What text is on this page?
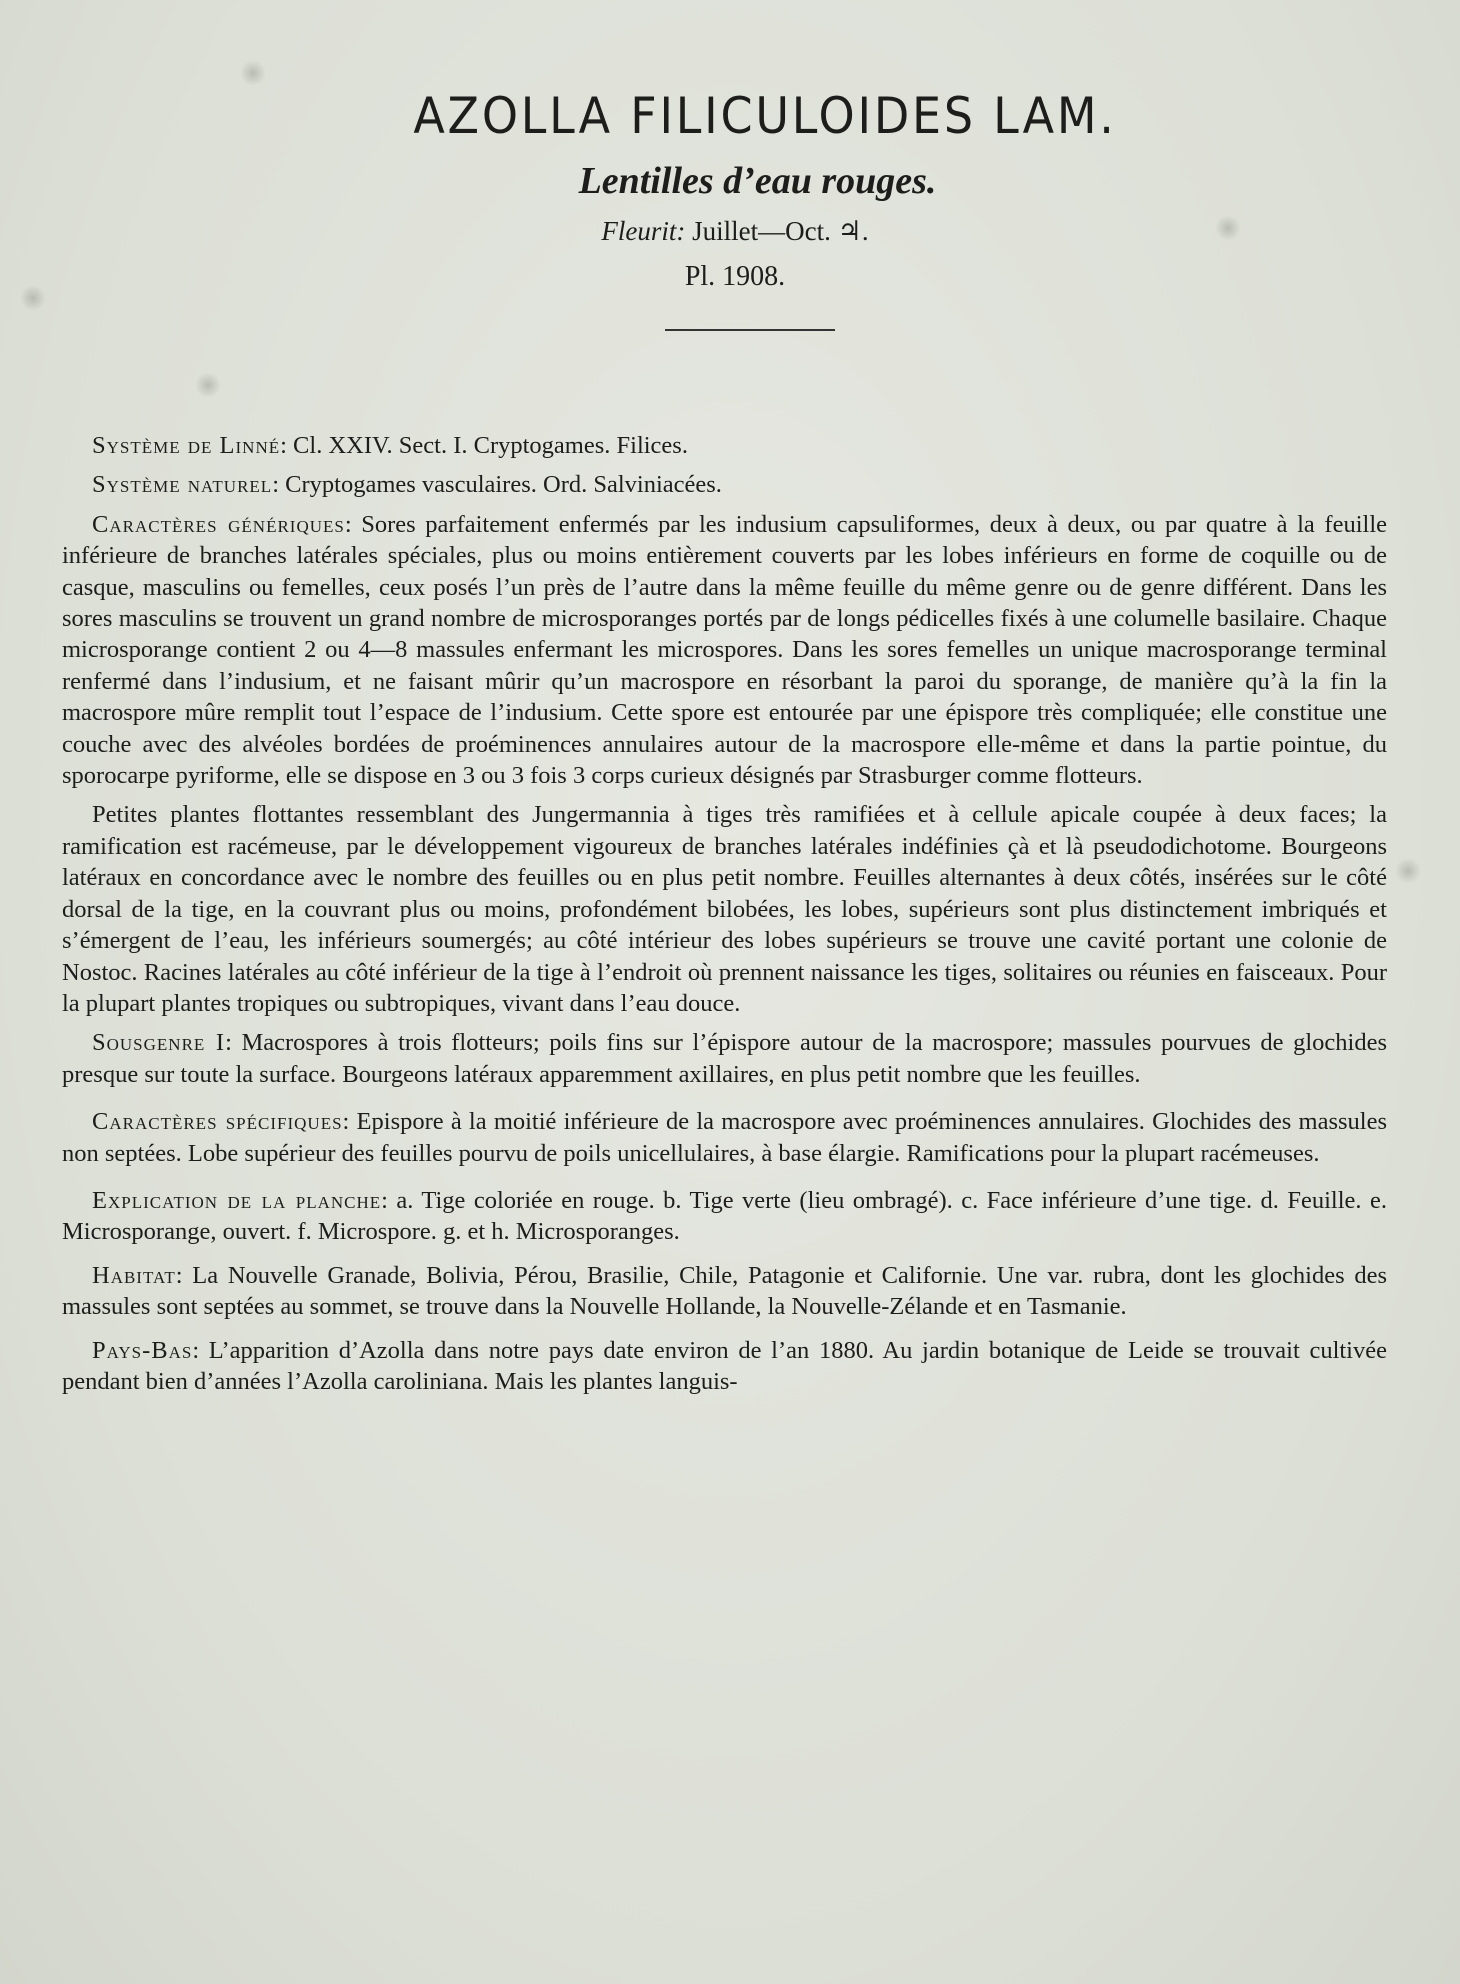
AZOLLA FILICULOIDES LAM.
Lentilles d’eau rouges.
Fleurit: Juillet—Oct. ♃.
Pl. 1908.

Système de Linné: Cl. XXIV. Sect. I. Cryptogames. Filices.

Système naturel: Cryptogames vasculaires. Ord. Salviniacées.

Caractères génériques: Sores parfaitement enfermés par les indusium capsuliformes, deux à deux, ou par quatre à la feuille inférieure de branches latérales spéciales, plus ou moins entièrement couverts par les lobes inférieurs en forme de coquille ou de casque, masculins ou femelles, ceux posés l’un près de l’autre dans la même feuille du même genre ou de genre différent. Dans les sores masculins se trouvent un grand nombre de microsporanges portés par de longs pédicelles fixés à une columelle basilaire. Chaque microsporange contient 2 ou 4—8 massules enfermant les microspores. Dans les sores femelles un unique macrosporange terminal renfermé dans l’indusium, et ne faisant mûrir qu’un macrospore en résorbant la paroi du sporange, de manière qu’à la fin la macrospore mûre remplit tout l’espace de l’indusium. Cette spore est entourée par une épispore très compliquée; elle constitue une couche avec des alvéoles bordées de proéminences annulaires autour de la macrospore elle-même et dans la partie pointue, du sporocarpe pyriforme, elle se dispose en 3 ou 3 fois 3 corps curieux désignés par Strasburger comme flotteurs.

Petites plantes flottantes ressemblant des Jungermannia à tiges très ramifiées et à cellule apicale coupée à deux faces; la ramification est racémeuse, par le développement vigoureux de branches latérales indéfinies çà et là pseudodichotome. Bourgeons latéraux en concordance avec le nombre des feuilles ou en plus petit nombre. Feuilles alternantes à deux côtés, insérées sur le côté dorsal de la tige, en la couvrant plus ou moins, profondément bilobées, les lobes, supérieurs sont plus distinctement imbriqués et s’émergent de l’eau, les inférieurs soumergés; au côté intérieur des lobes supérieurs se trouve une cavité portant une colonie de Nostoc. Racines latérales au côté inférieur de la tige à l’endroit où prennent naissance les tiges, solitaires ou réunies en faisceaux. Pour la plupart plantes tropiques ou subtropiques, vivant dans l’eau douce.

Sousgenre I: Macrospores à trois flotteurs; poils fins sur l’épispore autour de la macrospore; massules pourvues de glochides presque sur toute la surface. Bourgeons latéraux apparemment axillaires, en plus petit nombre que les feuilles.

Caractères spécifiques: Epispore à la moitié inférieure de la macrospore avec proéminences annulaires. Glochides des massules non septées. Lobe supérieur des feuilles pourvu de poils unicellulaires, à base élargie. Ramifications pour la plupart racémeuses.

Explication de la planche: a. Tige coloriée en rouge. b. Tige verte (lieu ombragé). c. Face inférieure d’une tige. d. Feuille. e. Microsporange, ouvert. f. Microspore. g. et h. Microsporanges.

Habitat: La Nouvelle Granade, Bolivia, Pérou, Brasilie, Chile, Patagonie et Californie. Une var. rubra, dont les glochides des massules sont septées au sommet, se trouve dans la Nouvelle Hollande, la Nouvelle-Zélande et en Tasmanie.

Pays-Bas: L’apparition d’Azolla dans notre pays date environ de l’an 1880. Au jardin botanique de Leide se trouvait cultivée pendant bien d’années l’Azolla caroliniana. Mais les plantes languis-
